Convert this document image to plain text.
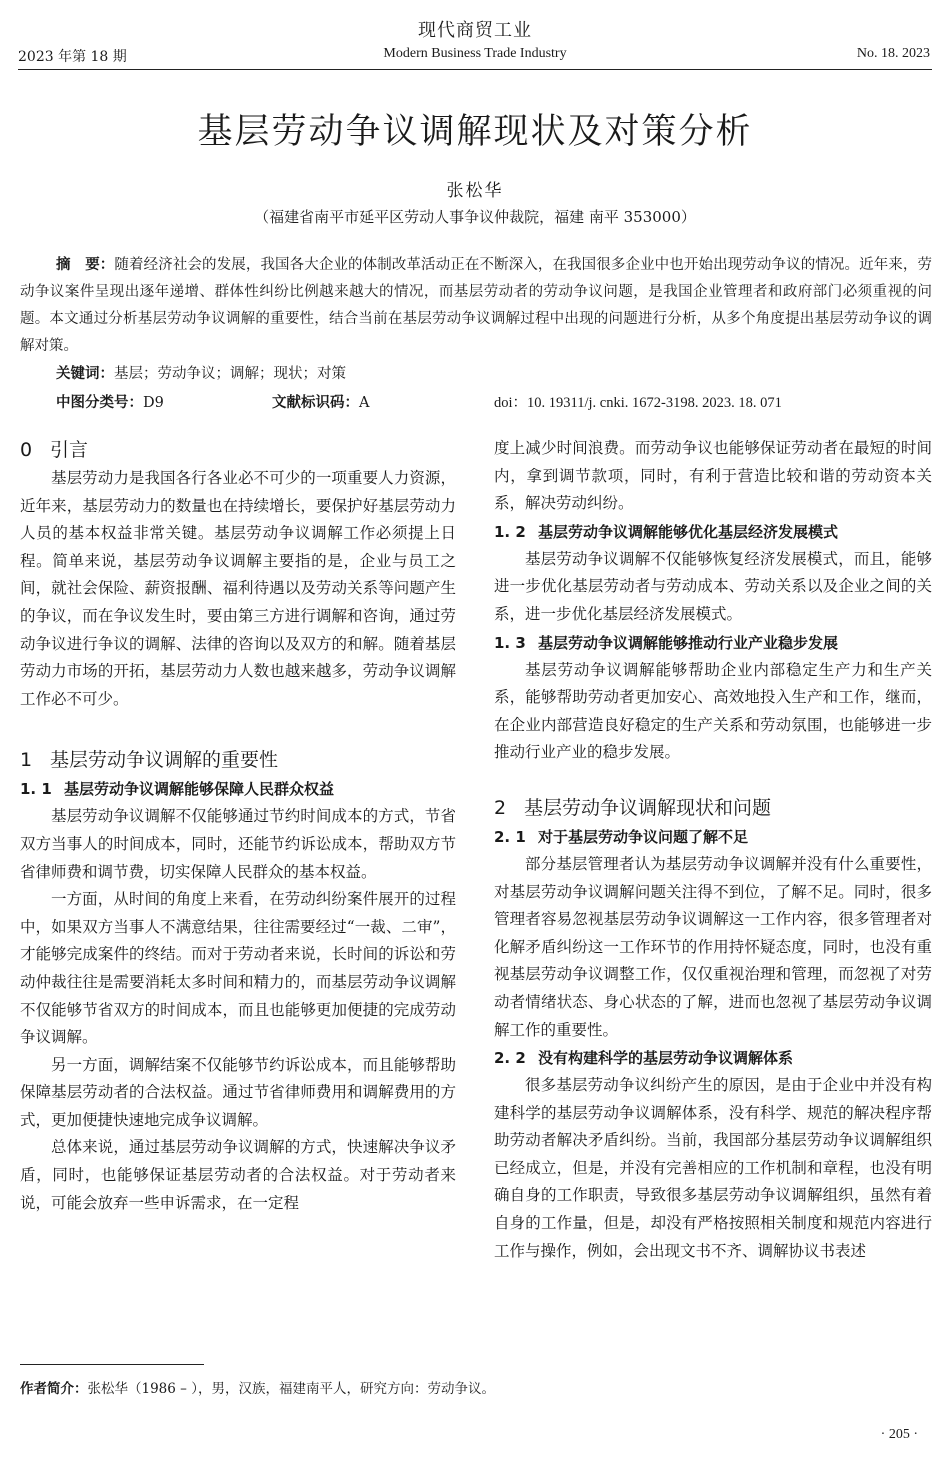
现代商贸工业
2023 年第 18 期	Modern Business Trade Industry	No. 18. 2023
基层劳动争议调解现状及对策分析
张松华
（福建省南平市延平区劳动人事争议仲裁院，福建 南平 353000）
摘　要：随着经济社会的发展，我国各大企业的体制改革活动正在不断深入，在我国很多企业中也开始出现劳动争议的情况。近年来，劳动争议案件呈现出逐年递增、群体性纠纷比例越来越大的情况，而基层劳动者的劳动争议问题，是我国企业管理者和政府部门必须重视的问题。本文通过分析基层劳动争议调解的重要性，结合当前在基层劳动争议调解过程中出现的问题进行分析，从多个角度提出基层劳动争议的调解对策。
关键词：基层；劳动争议；调解；现状；对策
中图分类号：D9	文献标识码：A	doi：10. 19311/j. cnki. 1672-3198. 2023. 18. 071
0 引言

基层劳动力是我国各行各业必不可少的一项重要人力资源，近年来，基层劳动力的数量也在持续增长，要保护好基层劳动力人员的基本权益非常关键。基层劳动争议调解工作必须提上日程。简单来说，基层劳动争议调解主要指的是，企业与员工之间，就社会保险、薪资报酬、福利待遇以及劳动关系等问题产生的争议，而在争议发生时，要由第三方进行调解和咨询，通过劳动争议进行争议的调解、法律的咨询以及双方的和解。随着基层劳动力市场的开拓，基层劳动力人数也越来越多，劳动争议调解工作必不可少。

1 基层劳动争议调解的重要性
1. 1 基层劳动争议调解能够保障人民群众权益

基层劳动争议调解不仅能够通过节约时间成本的方式，节省双方当事人的时间成本，同时，还能节约诉讼成本，帮助双方节省律师费和调节费，切实保障人民群众的基本权益。

一方面，从时间的角度上来看，在劳动纠纷案件展开的过程中，如果双方当事人不满意结果，往往需要经过“一裁、二审”，才能够完成案件的终结。而对于劳动者来说，长时间的诉讼和劳动仲裁往往是需要消耗太多时间和精力的，而基层劳动争议调解不仅能够节省双方的时间成本，而且也能够更加便捷的完成劳动争议调解。

另一方面，调解结案不仅能够节约诉讼成本，而且能够帮助保障基层劳动者的合法权益。通过节省律师费用和调解费用的方式，更加便捷快速地完成争议调解。

总体来说，通过基层劳动争议调解的方式，快速解决争议矛盾，同时，也能够保证基层劳动者的合法权益。对于劳动者来说，可能会放弃一些申诉需求，在一定程

度上减少时间浪费。而劳动争议也能够保证劳动者在最短的时间内，拿到调节款项，同时，有利于营造比较和谐的劳动资本关系，解决劳动纠纷。

1. 2 基层劳动争议调解能够优化基层经济发展模式

基层劳动争议调解不仅能够恢复经济发展模式，而且，能够进一步优化基层劳动者与劳动成本、劳动关系以及企业之间的关系，进一步优化基层经济发展模式。

1. 3 基层劳动争议调解能够推动行业产业稳步发展

基层劳动争议调解能够帮助企业内部稳定生产力和生产关系，能够帮助劳动者更加安心、高效地投入生产和工作，继而，在企业内部营造良好稳定的生产关系和劳动氛围，也能够进一步推动行业产业的稳步发展。

2 基层劳动争议调解现状和问题
2. 1 对于基层劳动争议问题了解不足

部分基层管理者认为基层劳动争议调解并没有什么重要性，对基层劳动争议调解问题关注得不到位，了解不足。同时，很多管理者容易忽视基层劳动争议调解这一工作内容，很多管理者对化解矛盾纠纷这一工作环节的作用持怀疑态度，同时，也没有重视基层劳动争议调整工作，仅仅重视治理和管理，而忽视了对劳动者情绪状态、身心状态的了解，进而也忽视了基层劳动争议调解工作的重要性。

2. 2 没有构建科学的基层劳动争议调解体系

很多基层劳动争议纠纷产生的原因，是由于企业中并没有构建科学的基层劳动争议调解体系，没有科学、规范的解决程序帮助劳动者解决矛盾纠纷。当前，我国部分基层劳动争议调解组织已经成立，但是，并没有完善相应的工作机制和章程，也没有明确自身的工作职责，导致很多基层劳动争议调解组织，虽然有着自身的工作量，但是，却没有严格按照相关制度和规范内容进行工作与操作，例如，会出现文书不齐、调解协议书表述

作者简介：张松华（1986 – ），男，汉族，福建南平人，研究方向：劳动争议。
· 205 ·
